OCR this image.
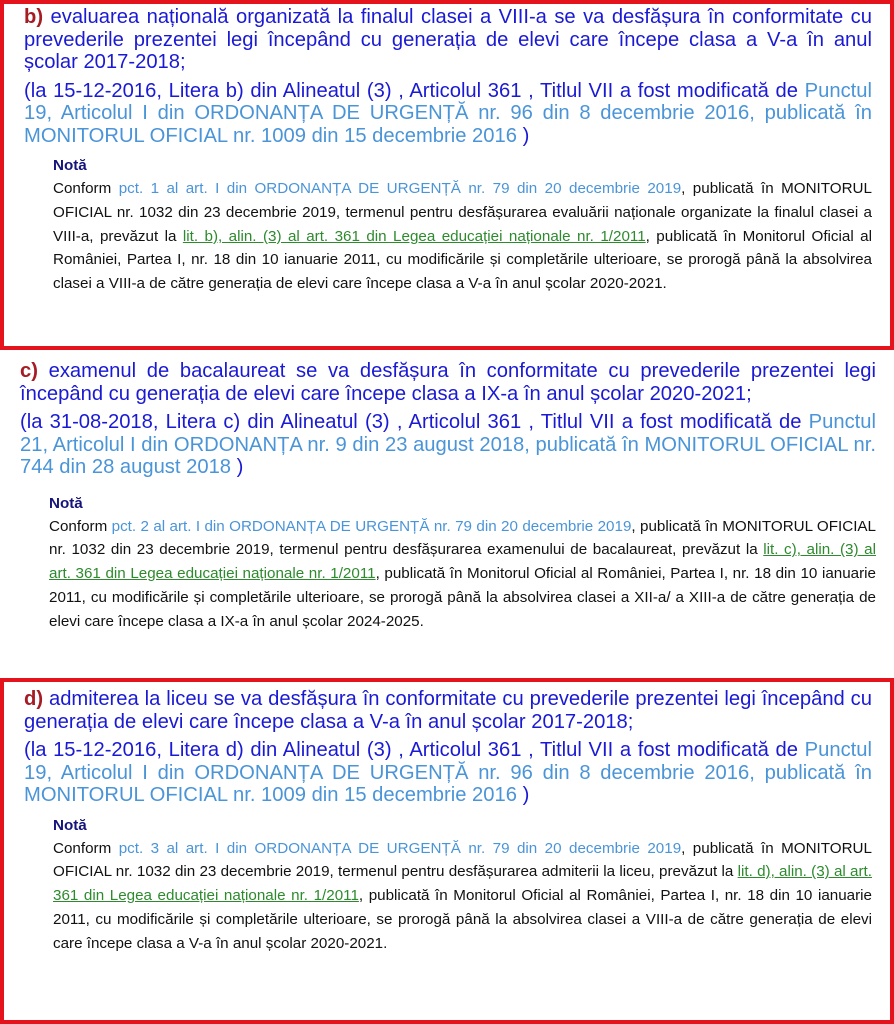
b) evaluarea națională organizată la finalul clasei a VIII-a se va desfășura în conformitate cu prevederile prezentei legi începând cu generația de elevi care începe clasa a V-a în anul școlar 2017-2018;
(la 15-12-2016, Litera b) din Alineatul (3) , Articolul 361 , Titlul VII a fost modificată de Punctul 19, Articolul I din ORDONANȚA DE URGENȚĂ nr. 96 din 8 decembrie 2016, publicată în MONITORUL OFICIAL nr. 1009 din 15 decembrie 2016 )
Notă
Conform pct. 1 al art. I din ORDONANȚA DE URGENȚĂ nr. 79 din 20 decembrie 2019, publicată în MONITORUL OFICIAL nr. 1032 din 23 decembrie 2019, termenul pentru desfășurarea evaluării naționale organizate la finalul clasei a VIII-a, prevăzut la lit. b), alin. (3) al art. 361 din Legea educației naționale nr. 1/2011, publicată în Monitorul Oficial al României, Partea I, nr. 18 din 10 ianuarie 2011, cu modificările și completările ulterioare, se prorogă până la absolvirea clasei a VIII-a de către generația de elevi care începe clasa a V-a în anul școlar 2020-2021.
c) examenul de bacalaureat se va desfășura în conformitate cu prevederile prezentei legi începând cu generația de elevi care începe clasa a IX-a în anul școlar 2020-2021;
(la 31-08-2018, Litera c) din Alineatul (3) , Articolul 361 , Titlul VII a fost modificată de Punctul 21, Articolul I din ORDONANȚA nr. 9 din 23 august 2018, publicată în MONITORUL OFICIAL nr. 744 din 28 august 2018 )
Notă
Conform pct. 2 al art. I din ORDONANȚA DE URGENȚĂ nr. 79 din 20 decembrie 2019, publicată în MONITORUL OFICIAL nr. 1032 din 23 decembrie 2019, termenul pentru desfășurarea examenului de bacalaureat, prevăzut la lit. c), alin. (3) al art. 361 din Legea educației naționale nr. 1/2011, publicată în Monitorul Oficial al României, Partea I, nr. 18 din 10 ianuarie 2011, cu modificările și completările ulterioare, se prorogă până la absolvirea clasei a XII-a/ a XIII-a de către generația de elevi care începe clasa a IX-a în anul școlar 2024-2025.
d) admiterea la liceu se va desfășura în conformitate cu prevederile prezentei legi începând cu generația de elevi care începe clasa a V-a în anul școlar 2017-2018;
(la 15-12-2016, Litera d) din Alineatul (3) , Articolul 361 , Titlul VII a fost modificată de Punctul 19, Articolul I din ORDONANȚA DE URGENȚĂ nr. 96 din 8 decembrie 2016, publicată în MONITORUL OFICIAL nr. 1009 din 15 decembrie 2016 )
Notă
Conform pct. 3 al art. I din ORDONANȚA DE URGENȚĂ nr. 79 din 20 decembrie 2019, publicată în MONITORUL OFICIAL nr. 1032 din 23 decembrie 2019, termenul pentru desfășurarea admiterii la liceu, prevăzut la lit. d), alin. (3) al art. 361 din Legea educației naționale nr. 1/2011, publicată în Monitorul Oficial al României, Partea I, nr. 18 din 10 ianuarie 2011, cu modificările și completările ulterioare, se prorogă până la absolvirea clasei a VIII-a de către generația de elevi care începe clasa a V-a în anul școlar 2020-2021.
